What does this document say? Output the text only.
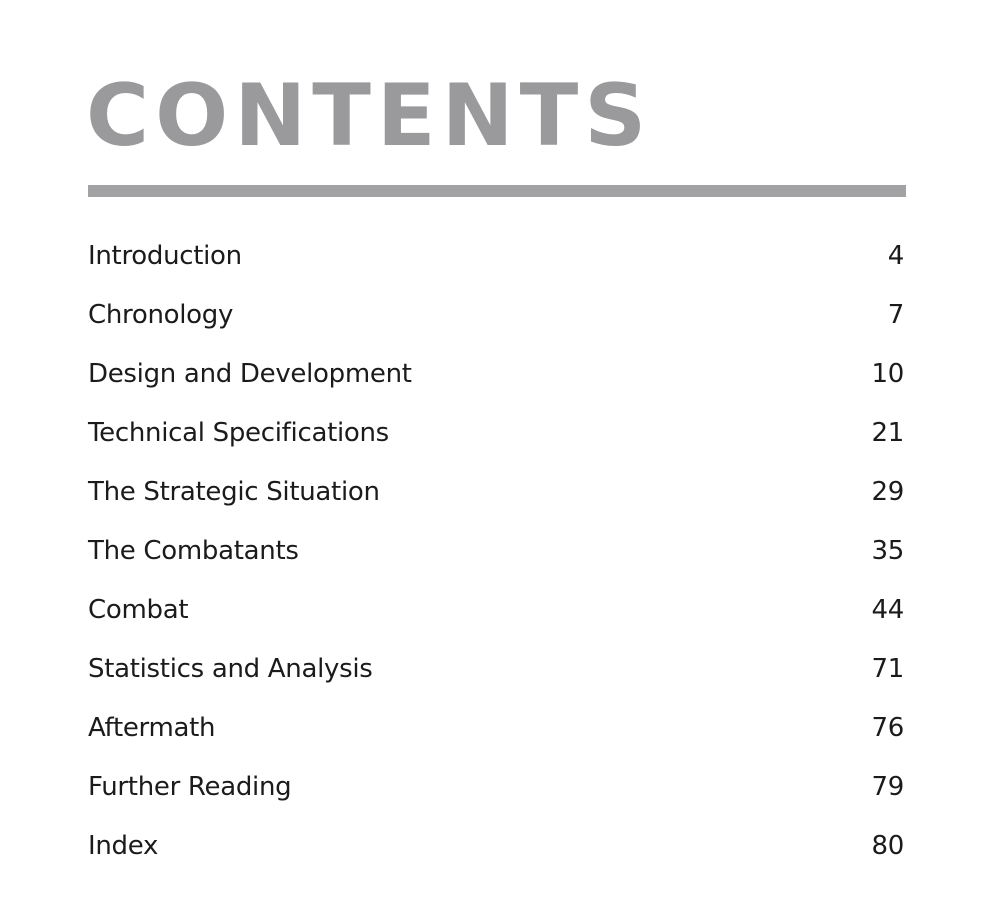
CONTENTS
Introduction	4
Chronology	7
Design and Development	10
Technical Specifications	21
The Strategic Situation	29
The Combatants	35
Combat	44
Statistics and Analysis	71
Aftermath	76
Further Reading	79
Index	80
